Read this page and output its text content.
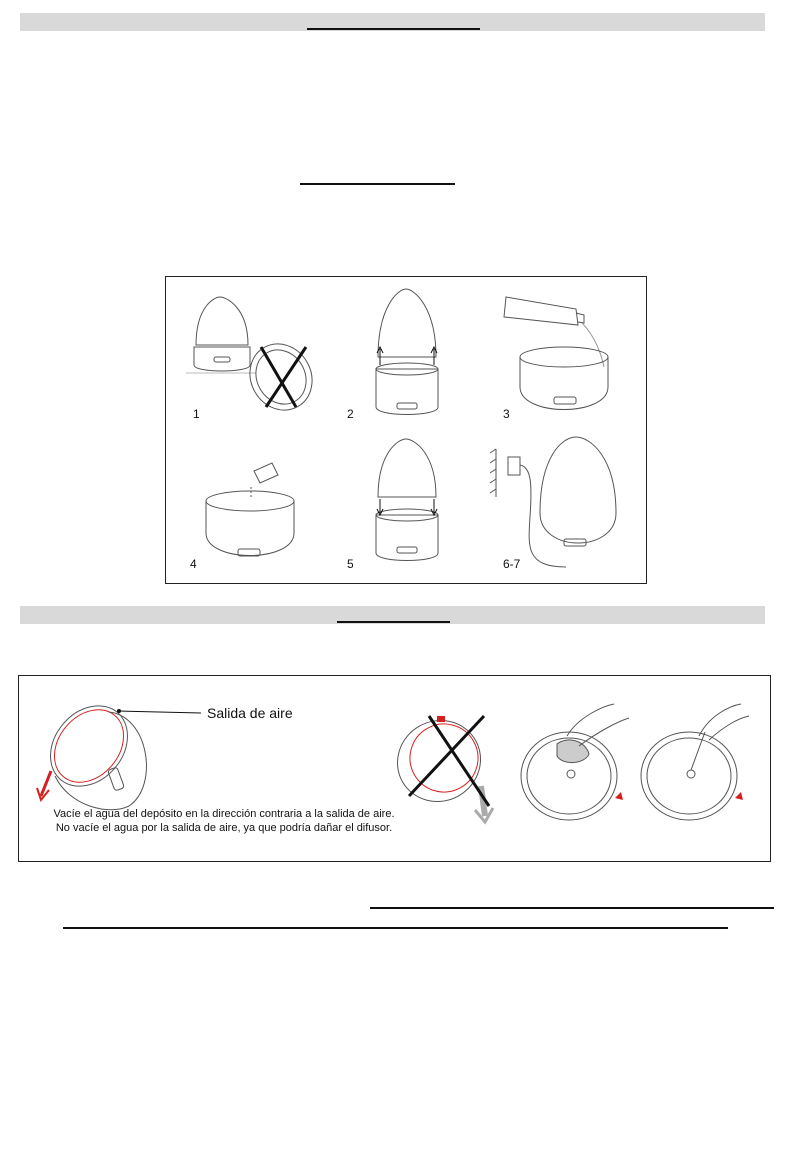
1	2	3
4	5	6-7
Salida de aire
Vacíe el agua del depósito en la dirección contraria a la salida de aire.
No vacíe el agua por la salida de aire, ya que podría dañar el difusor.
